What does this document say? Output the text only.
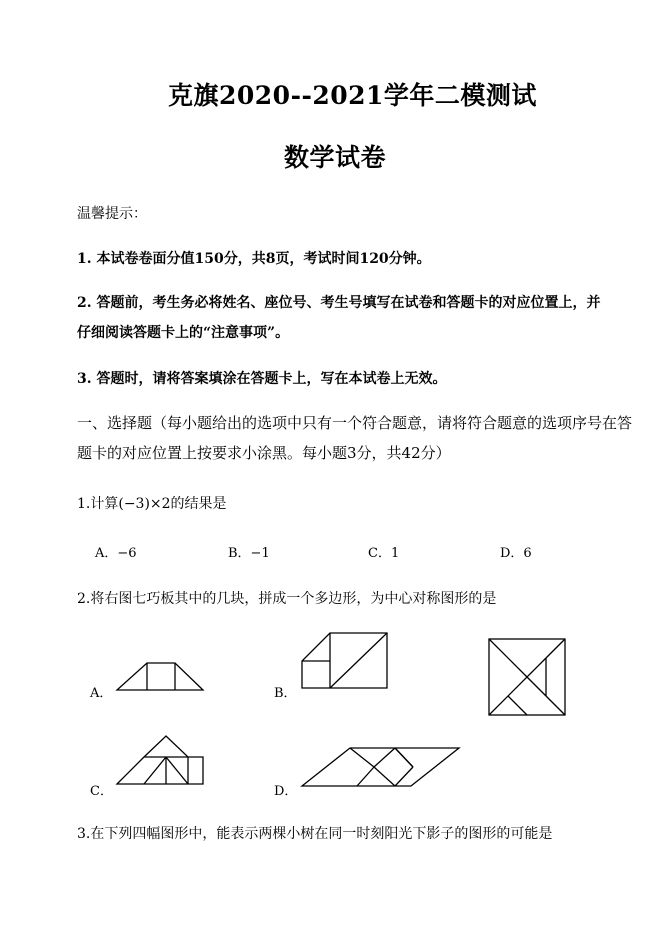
克旗2020--2021学年二模测试
数学试卷
温馨提示：
1. 本试卷卷面分值150分，共8页，考试时间120分钟。
2. 答题前，考生务必将姓名、座位号、考生号填写在试卷和答题卡的对应位置上，并
仔细阅读答题卡上的“注意事项”。
3. 答题时，请将答案填涂在答题卡上，写在本试卷上无效。
一、选择题（每小题给出的选项中只有一个符合题意，请将符合题意的选项序号在答
题卡的对应位置上按要求小涂黑。每小题3分，共42分）
1.计算(−3)×2的结果是
A．−6	B．−1	C．1	D．6
2.将右图七巧板其中的几块，拼成一个多边形，为中心对称图形的是
A．	B．
C．	D．
3.在下列四幅图形中，能表示两棵小树在同一时刻阳光下影子的图形的可能是
